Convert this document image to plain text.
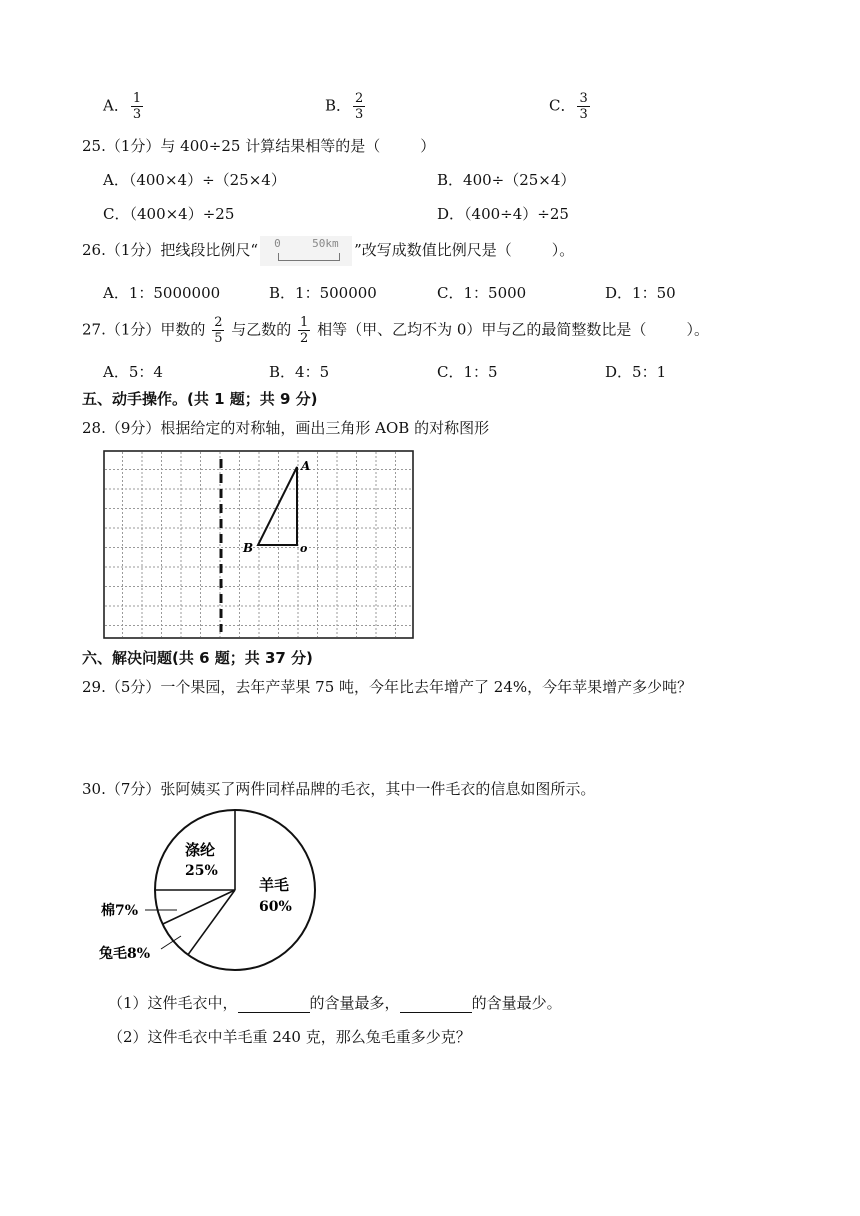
A． $\frac{1}{3}$	B． $\frac{2}{3}$	C． $\frac{3}{3}$
25.（1分）与 400÷25 计算结果相等的是（	）
A．（400×4）÷（25×4）	B．400÷（25×4）
C．（400×4）÷25	D．（400÷4）÷25
26.（1分）把线段比例尺“ 0	50km ”改写成数值比例尺是（	）。
A．1：5000000	B．1：500000	C．1：5000	D．1：50
27.（1分）甲数的 $\frac{2}{5}$ 与乙数的 $\frac{1}{2}$ 相等（甲、乙均不为 0）甲与乙的最简整数比是（	）。
A．5：4	B．4：5	C．1：5	D．5：1
五、动手操作。(共 1 题；共 9 分)
28.（9分）根据给定的对称轴，画出三角形 AOB 的对称图形
A
B	o
六、解决问题(共 6 题；共 37 分)
29.（5分）一个果园，去年产苹果 75 吨，今年比去年增产了 24%，今年苹果增产多少吨？
30.（7分）张阿姨买了两件同样品牌的毛衣，其中一件毛衣的信息如图所示。
涤纶
25%
羊毛
60%
棉7%
兔毛8%
（1）这件毛衣中，	的含量最多，	的含量最少。
（2）这件毛衣中羊毛重 240 克，那么兔毛重多少克？
